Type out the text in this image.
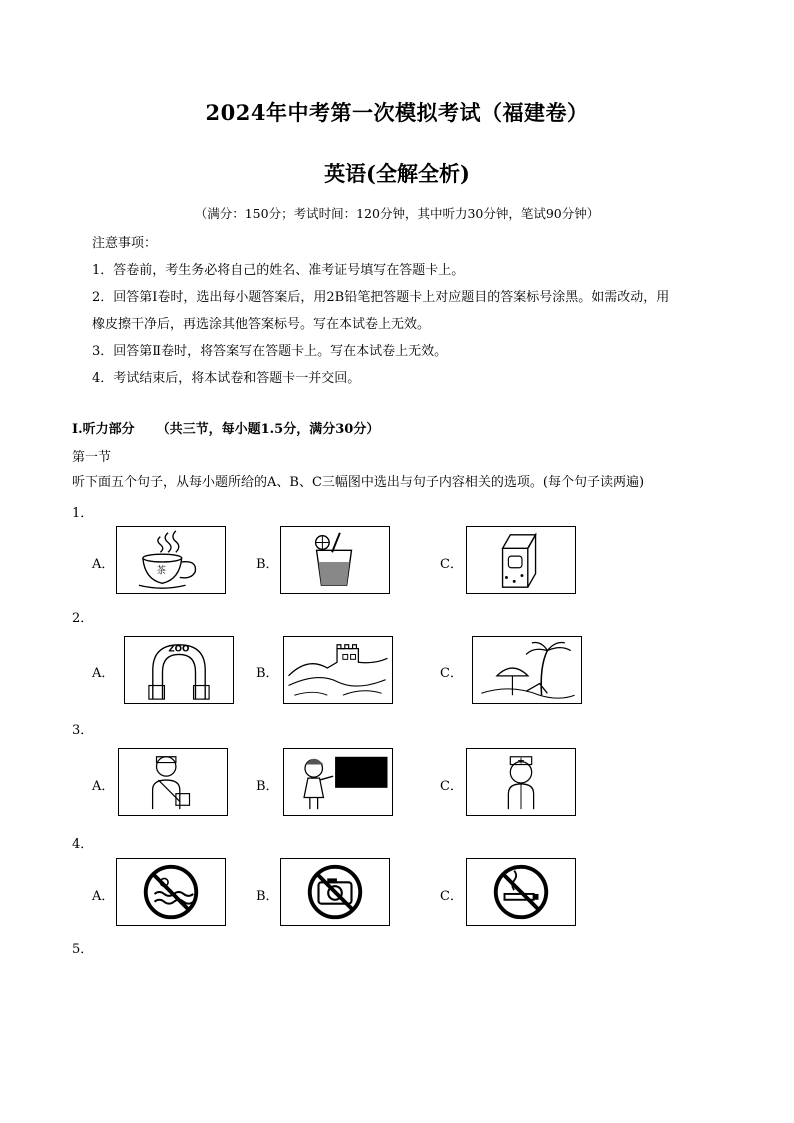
2024年中考第一次模拟考试（福建卷）
英语(全解全析)
（满分：150分；考试时间：120分钟，其中听力30分钟，笔试90分钟）
注意事项：

1．答卷前，考生务必将自己的姓名、准考证号填写在答题卡上。

2．回答第Ⅰ卷时，选出每小题答案后，用2B铅笔把答题卡上对应题目的答案标号涂黑。如需改动，用

橡皮擦干净后，再选涂其他答案标号。写在本试卷上无效。

3．回答第Ⅱ卷时，将答案写在答题卡上。写在本试卷上无效。

4．考试结束后，将本试卷和答题卡一并交回。

I.听力部分 （共三节，每小题1.5分，满分30分）
第一节
听下面五个句子，从每小题所给的A、B、C三幅图中选出与句子内容相关的选项。(每个句子读两遍)
1．
A．	茶	B．	C．
2．
A．
ZOO
B．	C．
3．
A．	B．	C．
4．
A．	B．	C．
5．
